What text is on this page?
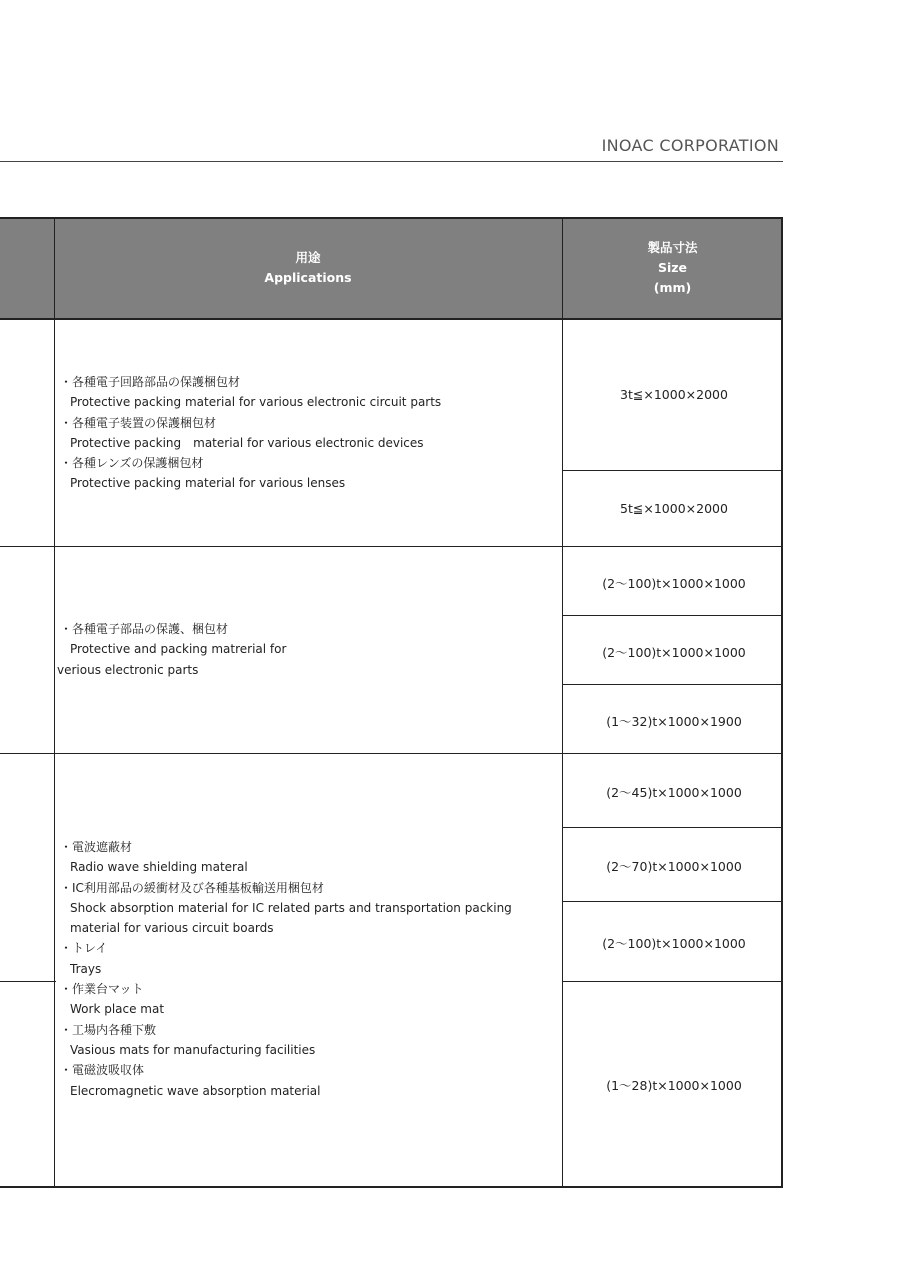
INOAC CORPORATION
用途
Applications
製品寸法
Size
(mm)
・各種電子回路部品の保護梱包材
Protective packing material for various electronic circuit parts
・各種電子装置の保護梱包材
Protective packing　material for various electronic devices
・各種レンズの保護梱包材
Protective packing material for various lenses
・各種電子部品の保護、梱包材
Protective and packing matrerial for
verious electronic parts
・電波遮蔽材
Radio wave shielding materal
・IC利用部品の緩衝材及び各種基板輸送用梱包材
Shock absorption material for IC related parts and transportation packing
material for various circuit boards
・トレイ
Trays
・作業台マット
Work place mat
・工場内各種下敷
Vasious mats for manufacturing facilities
・電磁波吸収体
Elecromagnetic wave absorption material
3t≦×1000×2000
5t≦×1000×2000
(2～100)t×1000×1000
(2～100)t×1000×1000
(1～32)t×1000×1900
(2～45)t×1000×1000
(2～70)t×1000×1000
(2～100)t×1000×1000
(1～28)t×1000×1000
